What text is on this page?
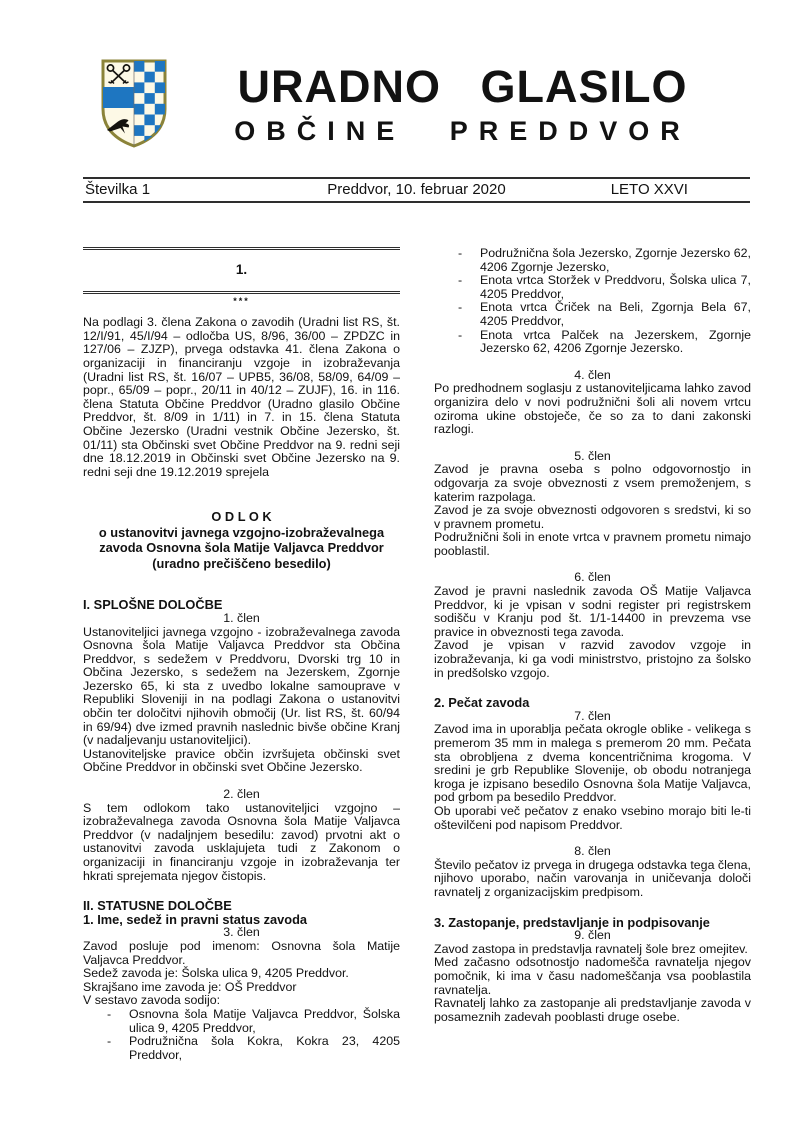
URADNO GLASILO
OBČINE PREDDVOR
Številka 1	Preddvor, 10. februar 2020	LETO XXVI

1.

***

Na podlagi 3. člena Zakona o zavodih (Uradni list RS, št. 12/I/91, 45/I/94 – odločba US, 8/96, 36/00 – ZPDZC in 127/06 – ZJZP), prvega odstavka 41. člena Zakona o organizaciji in financiranju vzgoje in izobraževanja (Uradni list RS, št. 16/07 – UPB5, 36/08, 58/09, 64/09 – popr., 65/09 – popr., 20/11 in 40/12 – ZUJF), 16. in 116. člena Statuta Občine Preddvor (Uradno glasilo Občine Preddvor, št. 8/09 in 1/11) in 7. in 15. člena Statuta Občine Jezersko (Uradni vestnik Občine Jezersko, št. 01/11) sta Občinski svet Občine Preddvor na 9. redni seji dne 18.12.2019 in Občinski svet Občine Jezersko na 9. redni seji dne 19.12.2019 sprejela

O D L O K
o ustanovitvi javnega vzgojno-izobraževalnega
zavoda Osnovna šola Matije Valjavca Preddvor
(uradno prečiščeno besedilo)

I. SPLOŠNE DOLOČBE

1. člen

Ustanoviteljici javnega vzgojno - izobraževalnega zavoda Osnovna šola Matije Valjavca Preddvor sta Občina Preddvor, s sedežem v Preddvoru, Dvorski trg 10 in Občina Jezersko, s sedežem na Jezerskem, Zgornje Jezersko 65, ki sta z uvedbo lokalne samouprave v Republiki Sloveniji in na podlagi Zakona o ustanovitvi občin ter določitvi njihovih območij (Ur. list RS, št. 60/94 in 69/94) dve izmed pravnih naslednic bivše občine Kranj (v nadaljevanju ustanoviteljici).

Ustanoviteljske pravice občin izvršujeta občinski svet Občine Preddvor in občinski svet Občine Jezersko.

2. člen

S tem odlokom tako ustanoviteljici vzgojno – izobraževalnega zavoda Osnovna šola Matije Valjavca Preddvor (v nadaljnjem besedilu: zavod) prvotni akt o ustanovitvi zavoda usklajujeta tudi z Zakonom o organizaciji in financiranju vzgoje in izobraževanja ter hkrati sprejemata njegov čistopis.

II. STATUSNE DOLOČBE

1. Ime, sedež in pravni status zavoda

3. člen

Zavod posluje pod imenom: Osnovna šola Matije Valjavca Preddvor.

Sedež zavoda je: Šolska ulica 9, 4205 Preddvor.

Skrajšano ime zavoda je: OŠ Preddvor

V sestavo zavoda sodijo:

-	Osnovna šola Matije Valjavca Preddvor, Šolska ulica 9, 4205 Preddvor,
-	Podružnična šola Kokra, Kokra 23, 4205 Preddvor,
-	Podružnična šola Jezersko, Zgornje Jezersko 62, 4206 Zgornje Jezersko,
-	Enota vrtca Storžek v Preddvoru, Šolska ulica 7, 4205 Preddvor,
-	Enota vrtca Čriček na Beli, Zgornja Bela 67, 4205 Preddvor,
-	Enota vrtca Palček na Jezerskem, Zgornje Jezersko 62, 4206 Zgornje Jezersko.

4. člen

Po predhodnem soglasju z ustanoviteljicama lahko zavod organizira delo v novi podružnični šoli ali novem vrtcu oziroma ukine obstoječe, če so za to dani zakonski razlogi.

5. člen

Zavod je pravna oseba s polno odgovornostjo in odgovarja za svoje obveznosti z vsem premoženjem, s katerim razpolaga.

Zavod je za svoje obveznosti odgovoren s sredstvi, ki so v pravnem prometu.

Podružnični šoli in enote vrtca v pravnem prometu nimajo pooblastil.

6. člen

Zavod je pravni naslednik zavoda OŠ Matije Valjavca Preddvor, ki je vpisan v sodni register pri registrskem sodišču v Kranju pod št. 1/1-14400 in prevzema vse pravice in obveznosti tega zavoda.

Zavod je vpisan v razvid zavodov vzgoje in izobraževanja, ki ga vodi ministrstvo, pristojno za šolsko in predšolsko vzgojo.

2. Pečat zavoda

7. člen

Zavod ima in uporablja pečata okrogle oblike - velikega s premerom 35 mm in malega s premerom 20 mm. Pečata sta obrobljena z dvema koncentričnima krogoma. V sredini je grb Republike Slovenije, ob obodu notranjega kroga je izpisano besedilo Osnovna šola Matije Valjavca, pod grbom pa besedilo Preddvor.

Ob uporabi več pečatov z enako vsebino morajo biti le-ti oštevilčeni pod napisom Preddvor.

8. člen

Število pečatov iz prvega in drugega odstavka tega člena, njihovo uporabo, način varovanja in uničevanja določi ravnatelj z organizacijskim predpisom.

3. Zastopanje, predstavljanje in podpisovanje

9. člen

Zavod zastopa in predstavlja ravnatelj šole brez omejitev.

Med začasno odsotnostjo nadomešča ravnatelja njegov pomočnik, ki ima v času nadomeščanja vsa pooblastila ravnatelja.

Ravnatelj lahko za zastopanje ali predstavljanje zavoda v posameznih zadevah pooblasti druge osebe.
